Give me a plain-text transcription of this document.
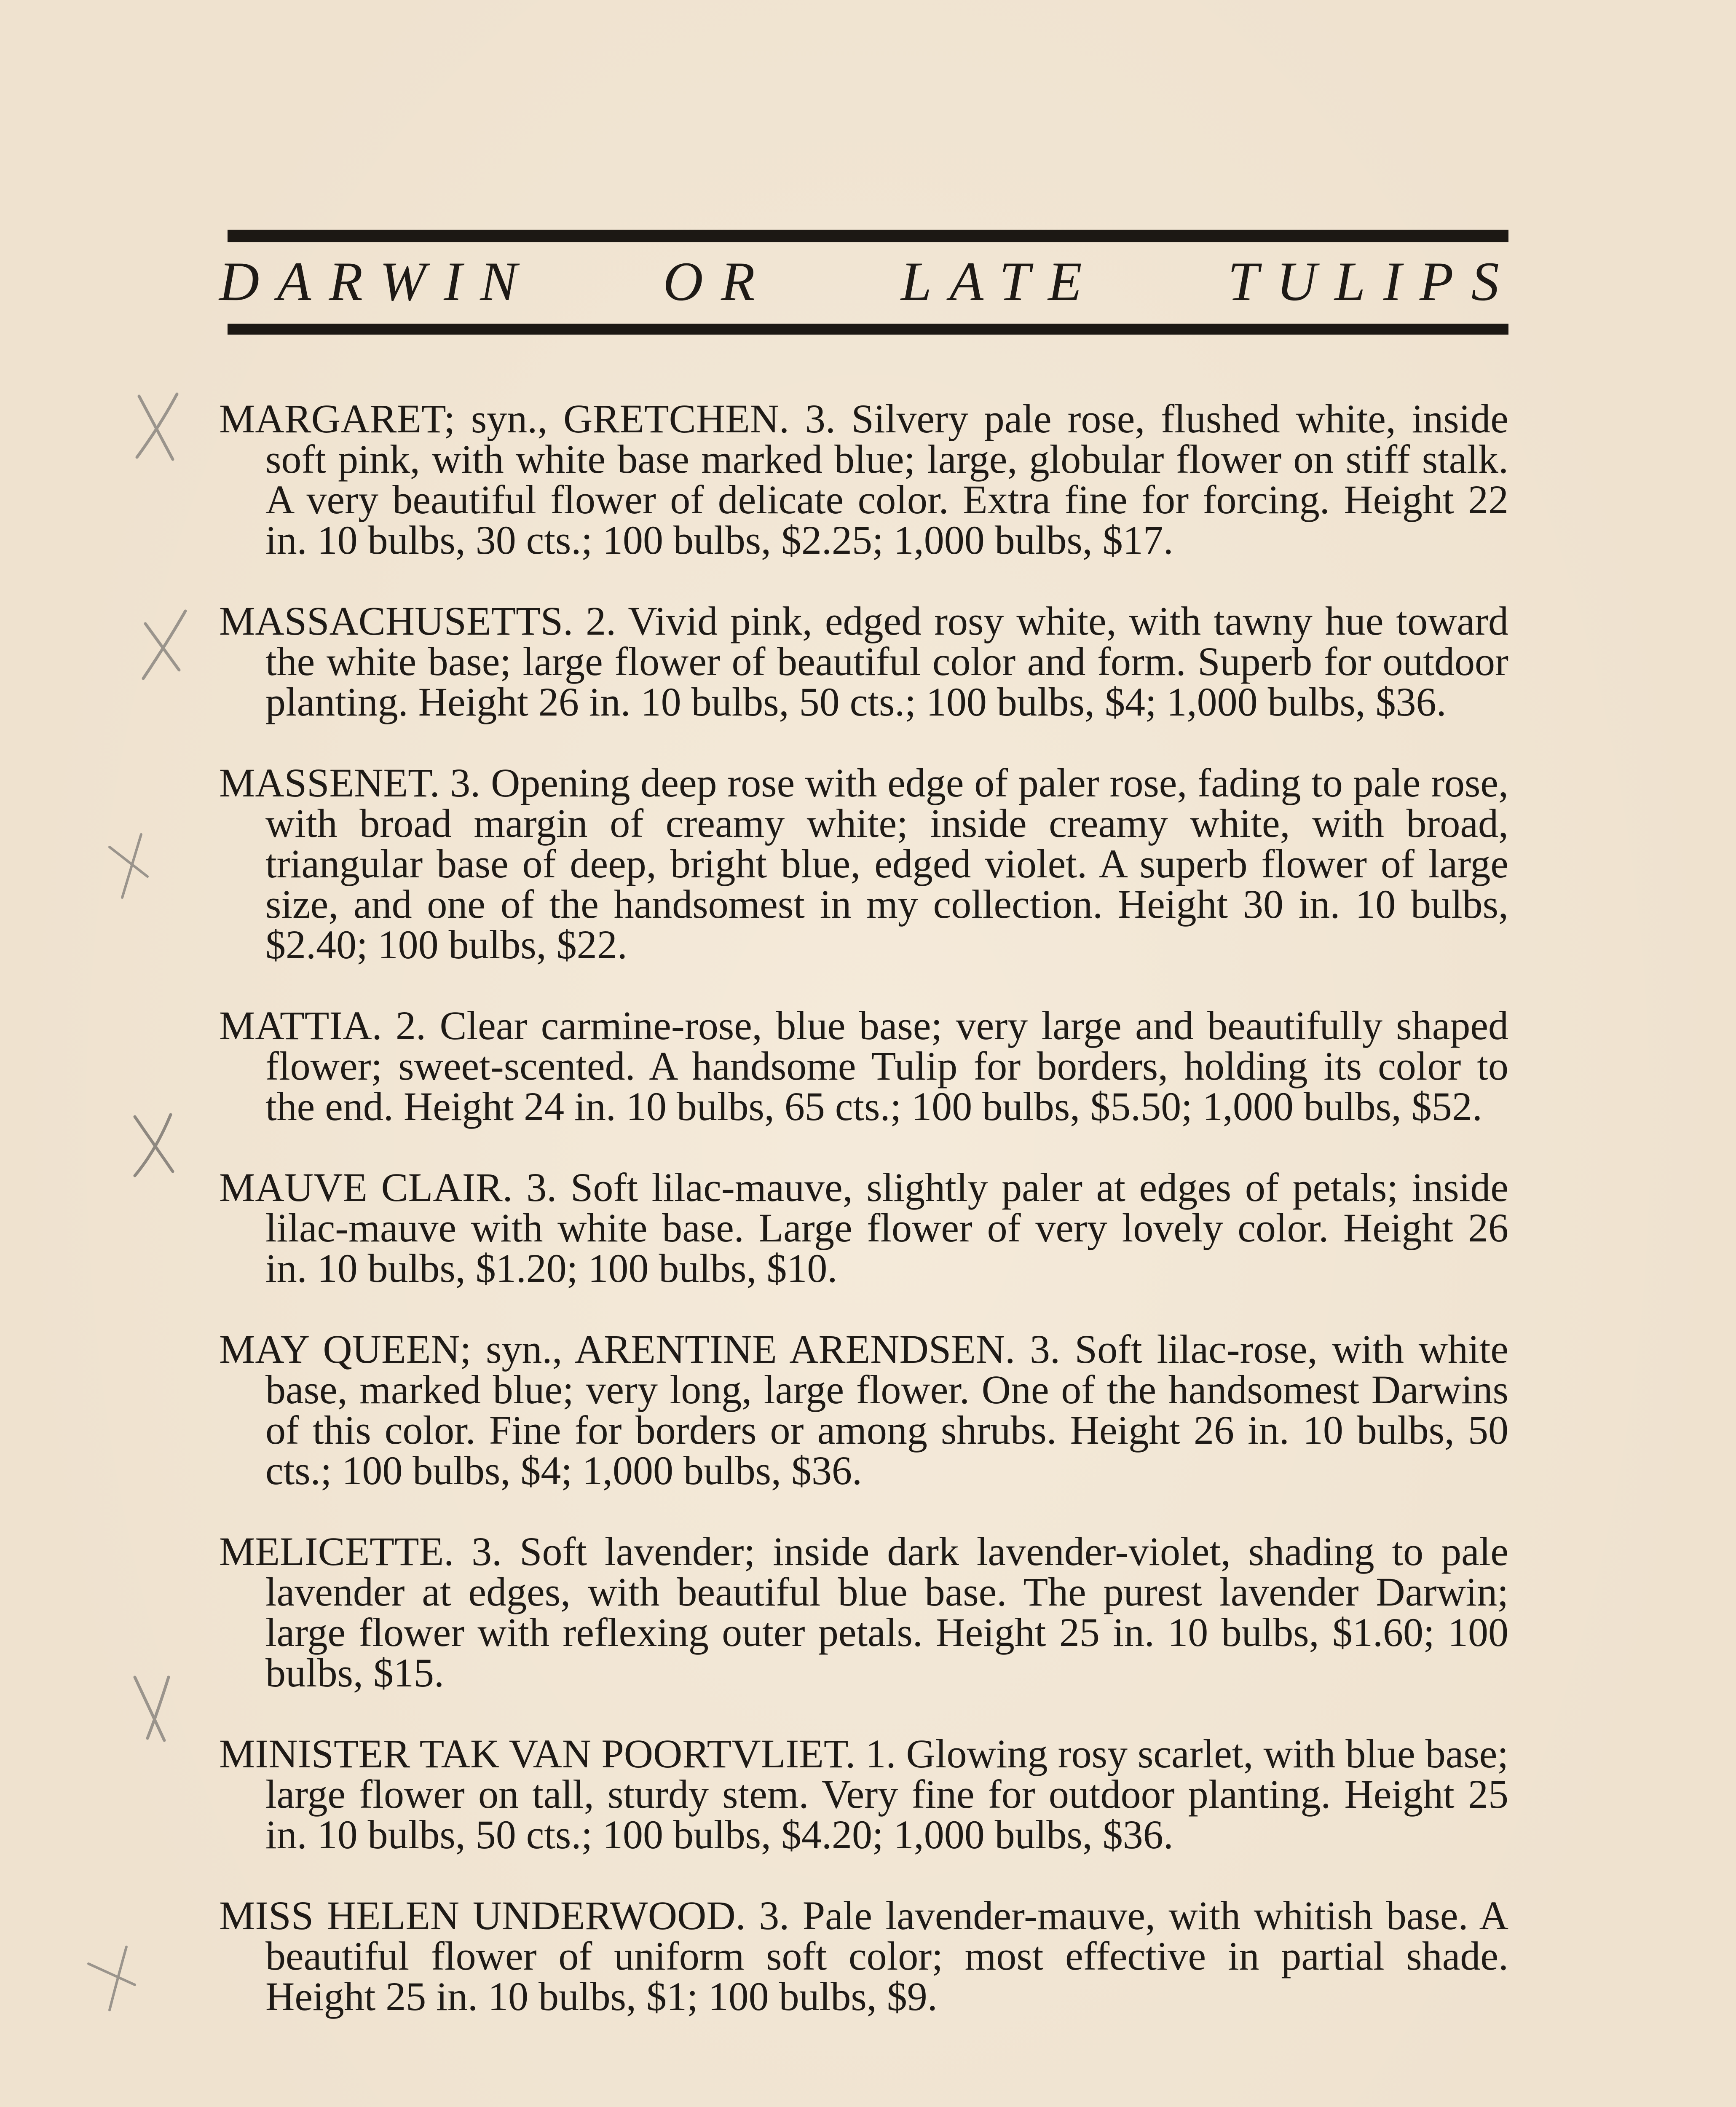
DARWIN OR LATE TULIPS

MARGARET; syn., GRETCHEN. 3. Silvery pale rose, flushed white, inside soft pink, with white base marked blue; large, globular flower on stiff stalk. A very beautiful flower of delicate color. Extra fine for forcing. Height 22 in. 10 bulbs, 30 cts.; 100 bulbs, $2.25; 1,000 bulbs, $17.

MASSACHUSETTS. 2. Vivid pink, edged rosy white, with tawny hue toward the white base; large flower of beautiful color and form. Superb for outdoor planting. Height 26 in. 10 bulbs, 50 cts.; 100 bulbs, $4; 1,000 bulbs, $36.

MASSENET. 3. Opening deep rose with edge of paler rose, fading to pale rose, with broad margin of creamy white; inside creamy white, with broad, triangular base of deep, bright blue, edged violet. A superb flower of large size, and one of the handsomest in my collection. Height 30 in. 10 bulbs, $2.40; 100 bulbs, $22.

MATTIA. 2. Clear carmine-rose, blue base; very large and beautifully shaped flower; sweet-scented. A handsome Tulip for borders, holding its color to the end. Height 24 in. 10 bulbs, 65 cts.; 100 bulbs, $5.50; 1,000 bulbs, $52.

MAUVE CLAIR. 3. Soft lilac-mauve, slightly paler at edges of petals; inside lilac-mauve with white base. Large flower of very lovely color. Height 26 in. 10 bulbs, $1.20; 100 bulbs, $10.

MAY QUEEN; syn., ARENTINE ARENDSEN. 3. Soft lilac-rose, with white base, marked blue; very long, large flower. One of the handsomest Darwins of this color. Fine for borders or among shrubs. Height 26 in. 10 bulbs, 50 cts.; 100 bulbs, $4; 1,000 bulbs, $36.

MELICETTE. 3. Soft lavender; inside dark lavender-violet, shading to pale lavender at edges, with beautiful blue base. The purest lavender Darwin; large flower with reflexing outer petals. Height 25 in. 10 bulbs, $1.60; 100 bulbs, $15.

MINISTER TAK VAN POORTVLIET. 1. Glowing rosy scarlet, with blue base; large flower on tall, sturdy stem. Very fine for outdoor planting. Height 25 in. 10 bulbs, 50 cts.; 100 bulbs, $4.20; 1,000 bulbs, $36.

MISS HELEN UNDERWOOD. 3. Pale lavender-mauve, with whitish base. A beautiful flower of uniform soft color; most effective in partial shade. Height 25 in. 10 bulbs, $1; 100 bulbs, $9.
